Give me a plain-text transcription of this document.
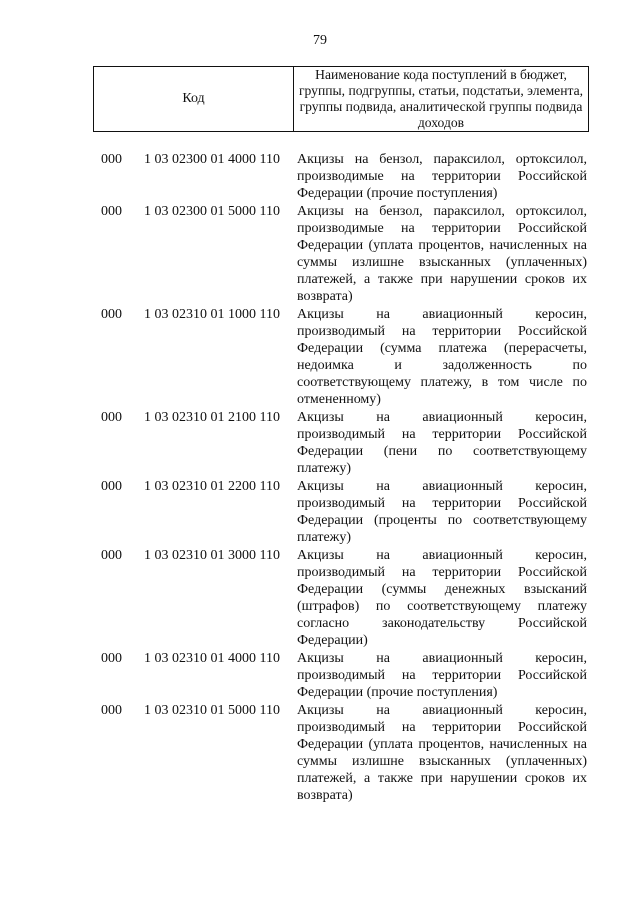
79
Код
Наименование кода поступлений в бюджет, группы, подгруппы, статьи, подстатьи, элемента, группы подвида, аналитической группы подвида доходов
000 1 03 02300 01 4000 110 Акцизы на бензол, параксилол, ортоксилол, производимые на территории Российской Федерации (прочие поступления)
000 1 03 02300 01 5000 110 Акцизы на бензол, параксилол, ортоксилол, производимые на территории Российской Федерации (уплата процентов, начисленных на суммы излишне взысканных (уплаченных) платежей, а также при нарушении сроков их возврата)
000 1 03 02310 01 1000 110 Акцизы на авиационный керосин, производимый на территории Российской Федерации (сумма платежа (перерасчеты, недоимка и задолженность по соответствующему платежу, в том числе по отмененному)
000 1 03 02310 01 2100 110 Акцизы на авиационный керосин, производимый на территории Российской Федерации (пени по соответствующему платежу)
000 1 03 02310 01 2200 110 Акцизы на авиационный керосин, производимый на территории Российской Федерации (проценты по соответствующему платежу)
000 1 03 02310 01 3000 110 Акцизы на авиационный керосин, производимый на территории Российской Федерации (суммы денежных взысканий (штрафов) по соответствующему платежу согласно законодательству Российской Федерации)
000 1 03 02310 01 4000 110 Акцизы на авиационный керосин, производимый на территории Российской Федерации (прочие поступления)
000 1 03 02310 01 5000 110 Акцизы на авиационный керосин, производимый на территории Российской Федерации (уплата процентов, начисленных на суммы излишне взысканных (уплаченных) платежей, а также при нарушении сроков их возврата)
